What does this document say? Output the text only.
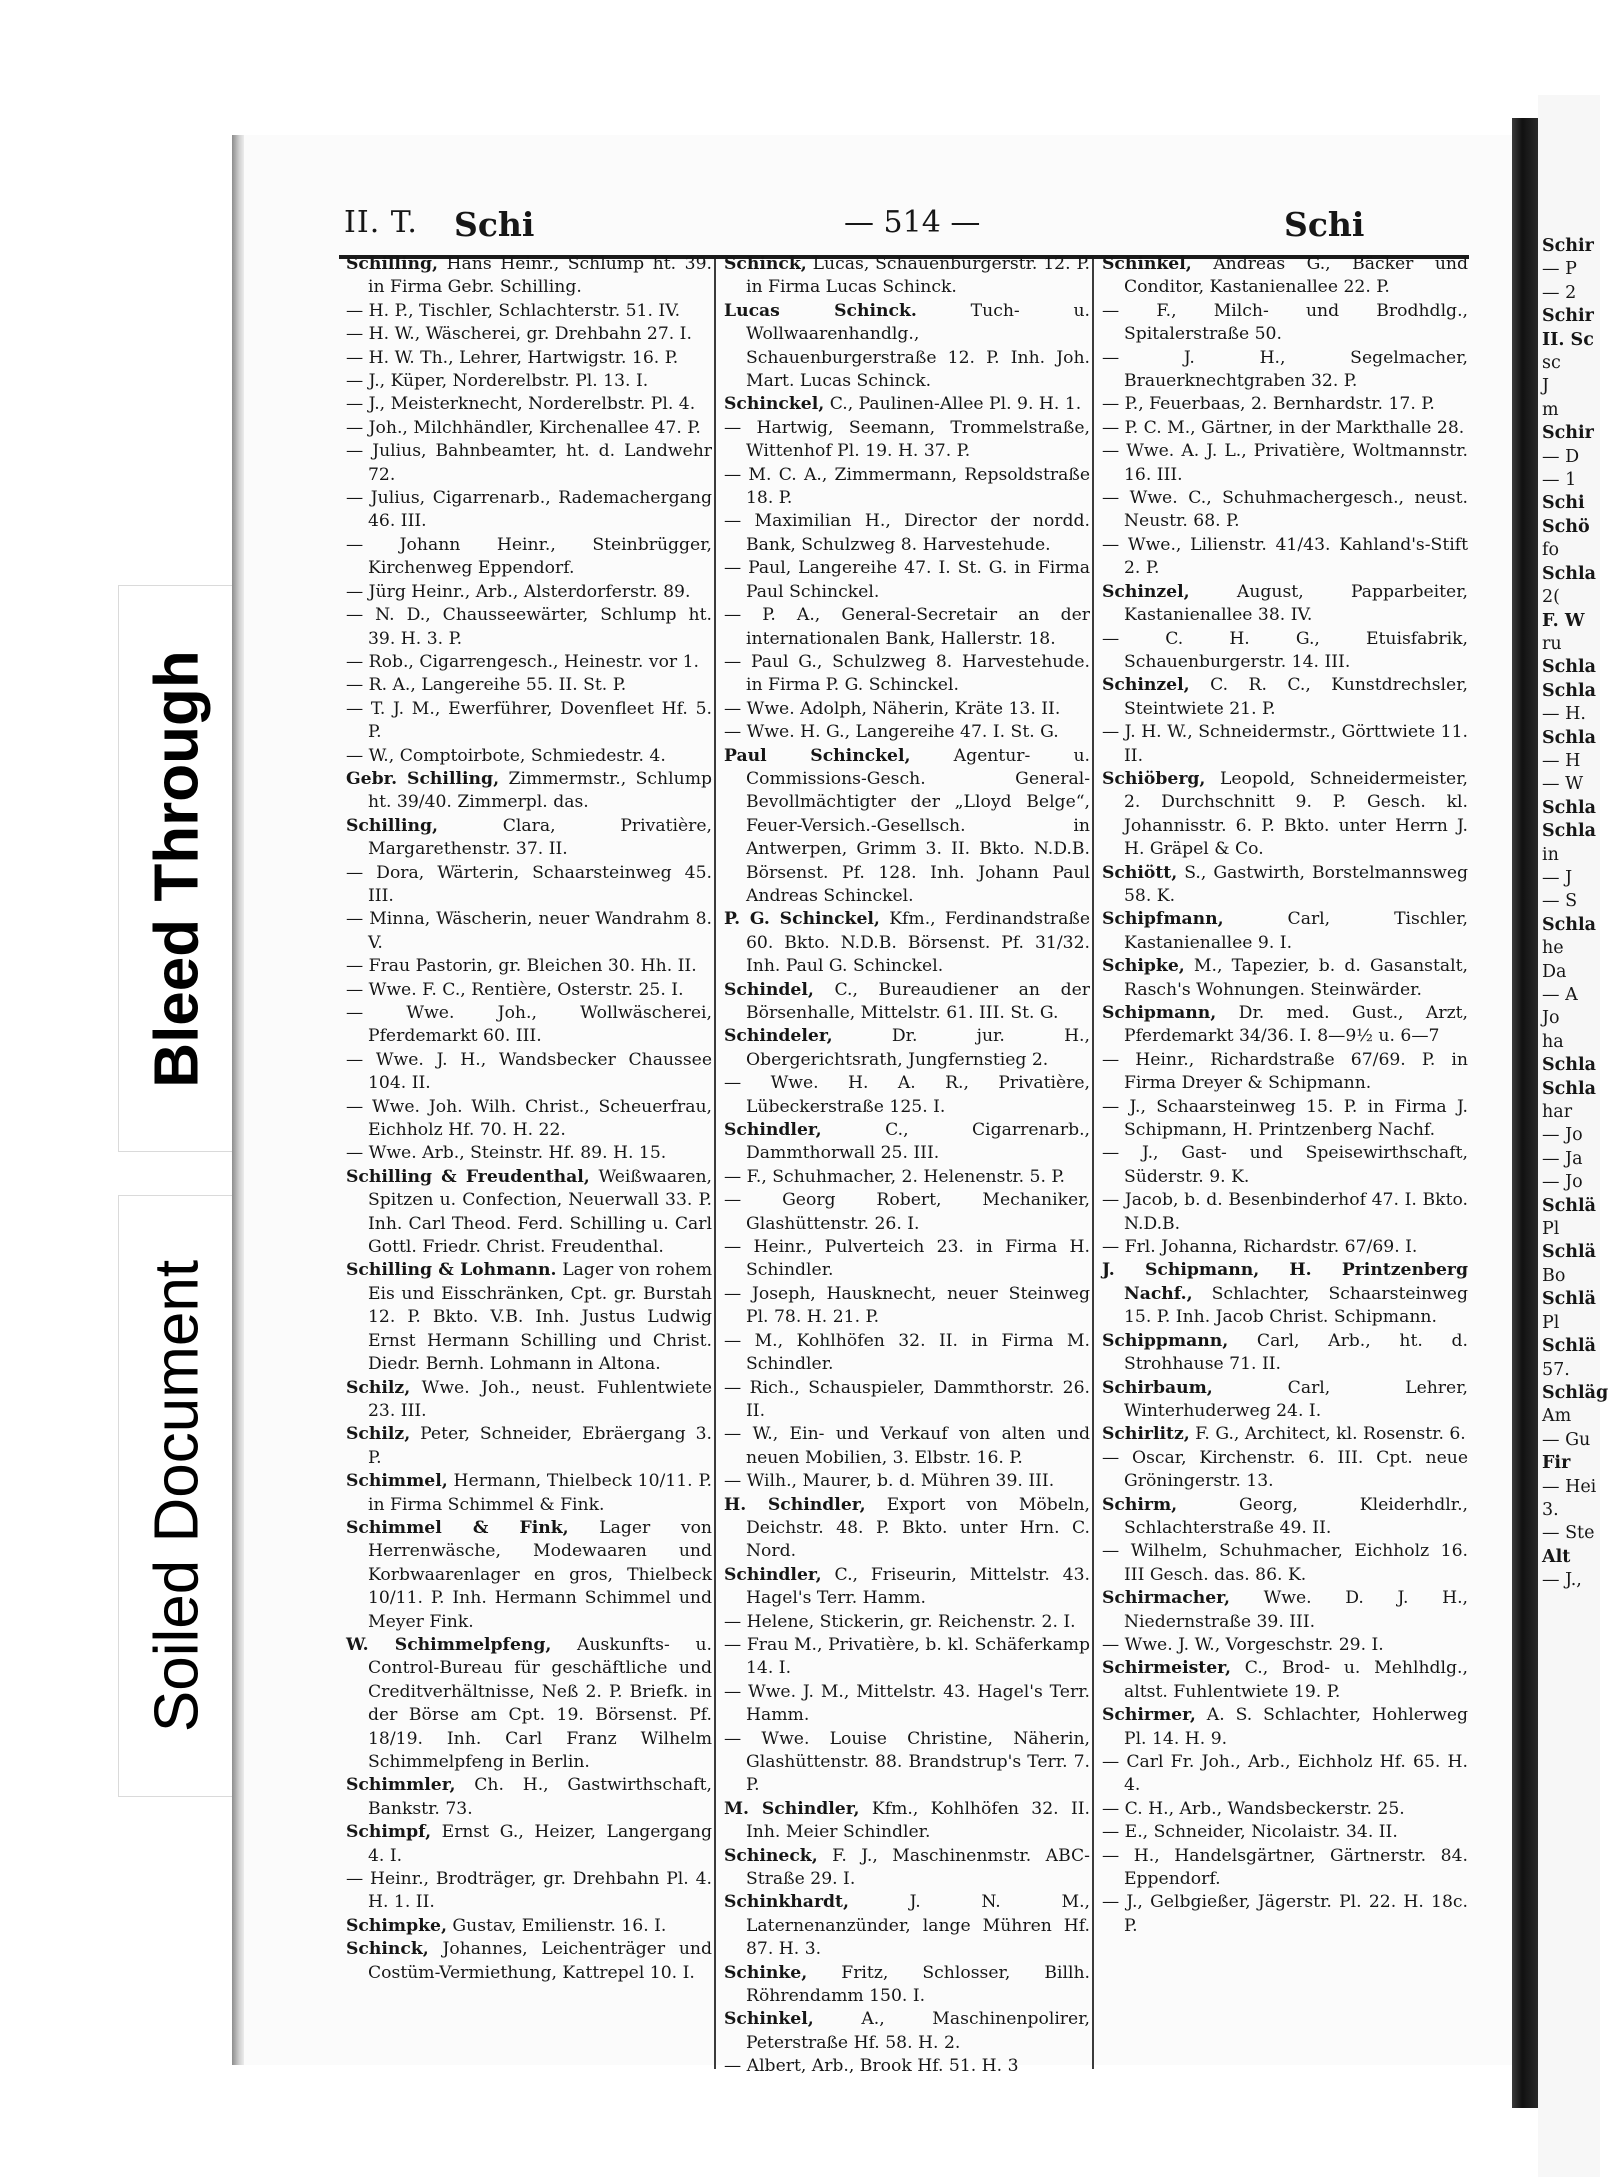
Bleed Through
Soiled Document
II. T. Schi	— 514 —	Schi
Schilling, Hans Heinr., Schlump ht. 39. in Firma Gebr. Schilling.
— H. P., Tischler, Schlachterstr. 51. IV.
— H. W., Wäscherei, gr. Drehbahn 27. I.
— H. W. Th., Lehrer, Hartwigstr. 16. P.
— J., Küper, Norderelbstr. Pl. 13. I.
— J., Meisterknecht, Norderelbstr. Pl. 4.
— Joh., Milchhändler, Kirchenallee 47. P.
— Julius, Bahnbeamter, ht. d. Landwehr 72.
— Julius, Cigarrenarb., Rademachergang 46. III.
— Johann Heinr., Steinbrügger, Kirchenweg Eppendorf.
— Jürg Heinr., Arb., Alsterdorferstr. 89.
— N. D., Chausseewärter, Schlump ht. 39. H. 3. P.
— Rob., Cigarrengesch., Heinestr. vor 1.
— R. A., Langereihe 55. II. St. P.
— T. J. M., Ewerführer, Dovenfleet Hf. 5. P.
— W., Comptoirbote, Schmiedestr. 4.
Gebr. Schilling, Zimmermstr., Schlump ht. 39/40. Zimmerpl. das.
Schilling, Clara, Privatière, Margarethenstr. 37. II.
— Dora, Wärterin, Schaarsteinweg 45. III.
— Minna, Wäscherin, neuer Wandrahm 8. V.
— Frau Pastorin, gr. Bleichen 30. Hh. II.
— Wwe. F. C., Rentière, Osterstr. 25. I.
— Wwe. Joh., Wollwäscherei, Pferdemarkt 60. III.
— Wwe. J. H., Wandsbecker Chaussee 104. II.
— Wwe. Joh. Wilh. Christ., Scheuerfrau, Eichholz Hf. 70. H. 22.
— Wwe. Arb., Steinstr. Hf. 89. H. 15.
Schilling & Freudenthal, Weißwaaren, Spitzen u. Confection, Neuerwall 33. P. Inh. Carl Theod. Ferd. Schilling u. Carl Gottl. Friedr. Christ. Freudenthal.
Schilling & Lohmann. Lager von rohem Eis und Eisschränken, Cpt. gr. Burstah 12. P. Bkto. V.B. Inh. Justus Ludwig Ernst Hermann Schilling und Christ. Diedr. Bernh. Lohmann in Altona.
Schilz, Wwe. Joh., neust. Fuhlentwiete 23. III.
Schilz, Peter, Schneider, Ebräergang 3. P.
Schimmel, Hermann, Thielbeck 10/11. P. in Firma Schimmel & Fink.
Schimmel & Fink, Lager von Herrenwäsche, Modewaaren und Korbwaarenlager en gros, Thielbeck 10/11. P. Inh. Hermann Schimmel und Meyer Fink.
W. Schimmelpfeng, Auskunfts- u. Control-Bureau für geschäftliche und Creditverhältnisse, Neß 2. P. Briefk. in der Börse am Cpt. 19. Börsenst. Pf. 18/19. Inh. Carl Franz Wilhelm Schimmelpfeng in Berlin.
Schimmler, Ch. H., Gastwirthschaft, Bankstr. 73.
Schimpf, Ernst G., Heizer, Langergang 4. I.
— Heinr., Brodträger, gr. Drehbahn Pl. 4. H. 1. II.
Schimpke, Gustav, Emilienstr. 16. I.
Schinck, Johannes, Leichenträger und Costüm-Vermiethung, Kattrepel 10. I.
Schinck, Lucas, Schauenburgerstr. 12. P. in Firma Lucas Schinck.
Lucas Schinck. Tuch- u. Wollwaarenhandlg., Schauenburgerstraße 12. P. Inh. Joh. Mart. Lucas Schinck.
Schinckel, C., Paulinen-Allee Pl. 9. H. 1.
— Hartwig, Seemann, Trommelstraße, Wittenhof Pl. 19. H. 37. P.
— M. C. A., Zimmermann, Repsoldstraße 18. P.
— Maximilian H., Director der nordd. Bank, Schulzweg 8. Harvestehude.
— Paul, Langereihe 47. I. St. G. in Firma Paul Schinckel.
— P. A., General-Secretair an der internationalen Bank, Hallerstr. 18.
— Paul G., Schulzweg 8. Harvestehude. in Firma P. G. Schinckel.
— Wwe. Adolph, Näherin, Kräte 13. II.
— Wwe. H. G., Langereihe 47. I. St. G.
Paul Schinckel, Agentur- u. Commissions-Gesch. General-Bevollmächtigter der „Lloyd Belge“, Feuer-Versich.-Gesellsch. in Antwerpen, Grimm 3. II. Bkto. N.D.B. Börsenst. Pf. 128. Inh. Johann Paul Andreas Schinckel.
P. G. Schinckel, Kfm., Ferdinandstraße 60. Bkto. N.D.B. Börsenst. Pf. 31/32. Inh. Paul G. Schinckel.
Schindel, C., Bureaudiener an der Börsenhalle, Mittelstr. 61. III. St. G.
Schindeler, Dr. jur. H., Obergerichtsrath, Jungfernstieg 2.
— Wwe. H. A. R., Privatière, Lübeckerstraße 125. I.
Schindler, C., Cigarrenarb., Dammthorwall 25. III.
— F., Schuhmacher, 2. Helenenstr. 5. P.
— Georg Robert, Mechaniker, Glashüttenstr. 26. I.
— Heinr., Pulverteich 23. in Firma H. Schindler.
— Joseph, Hausknecht, neuer Steinweg Pl. 78. H. 21. P.
— M., Kohlhöfen 32. II. in Firma M. Schindler.
— Rich., Schauspieler, Dammthorstr. 26. II.
— W., Ein- und Verkauf von alten und neuen Mobilien, 3. Elbstr. 16. P.
— Wilh., Maurer, b. d. Mühren 39. III.
H. Schindler, Export von Möbeln, Deichstr. 48. P. Bkto. unter Hrn. C. Nord.
Schindler, C., Friseurin, Mittelstr. 43. Hagel's Terr. Hamm.
— Helene, Stickerin, gr. Reichenstr. 2. I.
— Frau M., Privatière, b. kl. Schäferkamp 14. I.
— Wwe. J. M., Mittelstr. 43. Hagel's Terr. Hamm.
— Wwe. Louise Christine, Näherin, Glashüttenstr. 88. Brandstrup's Terr. 7. P.
M. Schindler, Kfm., Kohlhöfen 32. II. Inh. Meier Schindler.
Schineck, F. J., Maschinenmstr. ABC-Straße 29. I.
Schinkhardt, J. N. M., Laternenanzünder, lange Mühren Hf. 87. H. 3.
Schinke, Fritz, Schlosser, Billh. Röhrendamm 150. I.
Schinkel, A., Maschinenpolirer, Peterstraße Hf. 58. H. 2.
— Albert, Arb., Brook Hf. 51. H. 3
Schinkel, Andreas G., Bäcker und Conditor, Kastanienallee 22. P.
— F., Milch- und Brodhdlg., Spitalerstraße 50.
— J. H., Segelmacher, Brauerknechtgraben 32. P.
— P., Feuerbaas, 2. Bernhardstr. 17. P.
— P. C. M., Gärtner, in der Markthalle 28.
— Wwe. A. J. L., Privatière, Woltmannstr. 16. III.
— Wwe. C., Schuhmachergesch., neust. Neustr. 68. P.
— Wwe., Lilienstr. 41/43. Kahland's-Stift 2. P.
Schinzel, August, Papparbeiter, Kastanienallee 38. IV.
— C. H. G., Etuisfabrik, Schauenburgerstr. 14. III.
Schinzel, C. R. C., Kunstdrechsler, Steintwiete 21. P.
— J. H. W., Schneidermstr., Görttwiete 11. II.
Schiöberg, Leopold, Schneidermeister, 2. Durchschnitt 9. P. Gesch. kl. Johannisstr. 6. P. Bkto. unter Herrn J. H. Gräpel & Co.
Schiött, S., Gastwirth, Borstelmannsweg 58. K.
Schipfmann, Carl, Tischler, Kastanienallee 9. I.
Schipke, M., Tapezier, b. d. Gasanstalt, Rasch's Wohnungen. Steinwärder.
Schipmann, Dr. med. Gust., Arzt, Pferdemarkt 34/36. I. 8—9½ u. 6—7
— Heinr., Richardstraße 67/69. P. in Firma Dreyer & Schipmann.
— J., Schaarsteinweg 15. P. in Firma J. Schipmann, H. Printzenberg Nachf.
— J., Gast- und Speisewirthschaft, Süderstr. 9. K.
— Jacob, b. d. Besenbinderhof 47. I. Bkto. N.D.B.
— Frl. Johanna, Richardstr. 67/69. I.
J. Schipmann, H. Printzenberg Nachf., Schlachter, Schaarsteinweg 15. P. Inh. Jacob Christ. Schipmann.
Schippmann, Carl, Arb., ht. d. Strohhause 71. II.
Schirbaum, Carl, Lehrer, Winterhuderweg 24. I.
Schirlitz, F. G., Architect, kl. Rosenstr. 6.
— Oscar, Kirchenstr. 6. III. Cpt. neue Gröningerstr. 13.
Schirm, Georg, Kleiderhdlr., Schlachterstraße 49. II.
— Wilhelm, Schuhmacher, Eichholz 16. III Gesch. das. 86. K.
Schirmacher, Wwe. D. J. H., Niedernstraße 39. III.
— Wwe. J. W., Vorgeschstr. 29. I.
Schirmeister, C., Brod- u. Mehlhdlg., altst. Fuhlentwiete 19. P.
Schirmer, A. S. Schlachter, Hohlerweg Pl. 14. H. 9.
— Carl Fr. Joh., Arb., Eichholz Hf. 65. H. 4.
— C. H., Arb., Wandsbeckerstr. 25.
— E., Schneider, Nicolaistr. 34. II.
— H., Handelsgärtner, Gärtnerstr. 84. Eppendorf.
— J., Gelbgießer, Jägerstr. Pl. 22. H. 18c. P.
Schir
— P
— 2
Schir
II. Sc
sc
J
m
Schir
— D
— 1
Schi
Schö
fo
Schla
2(
F. W
ru
Schla
Schla
— H.
Schla
— H
— W
Schla
Schla
in
— J
— S
Schla
he
Da
— A
Jo
ha
Schla
Schla
har
— Jo
— Ja
— Jo
Schlä
Pl
Schlä
Bo
Schlä
Pl
Schlä
57.
Schläg
Am
— Gu
Fir
— Hei
3.
— Ste
Alt
— J.,
